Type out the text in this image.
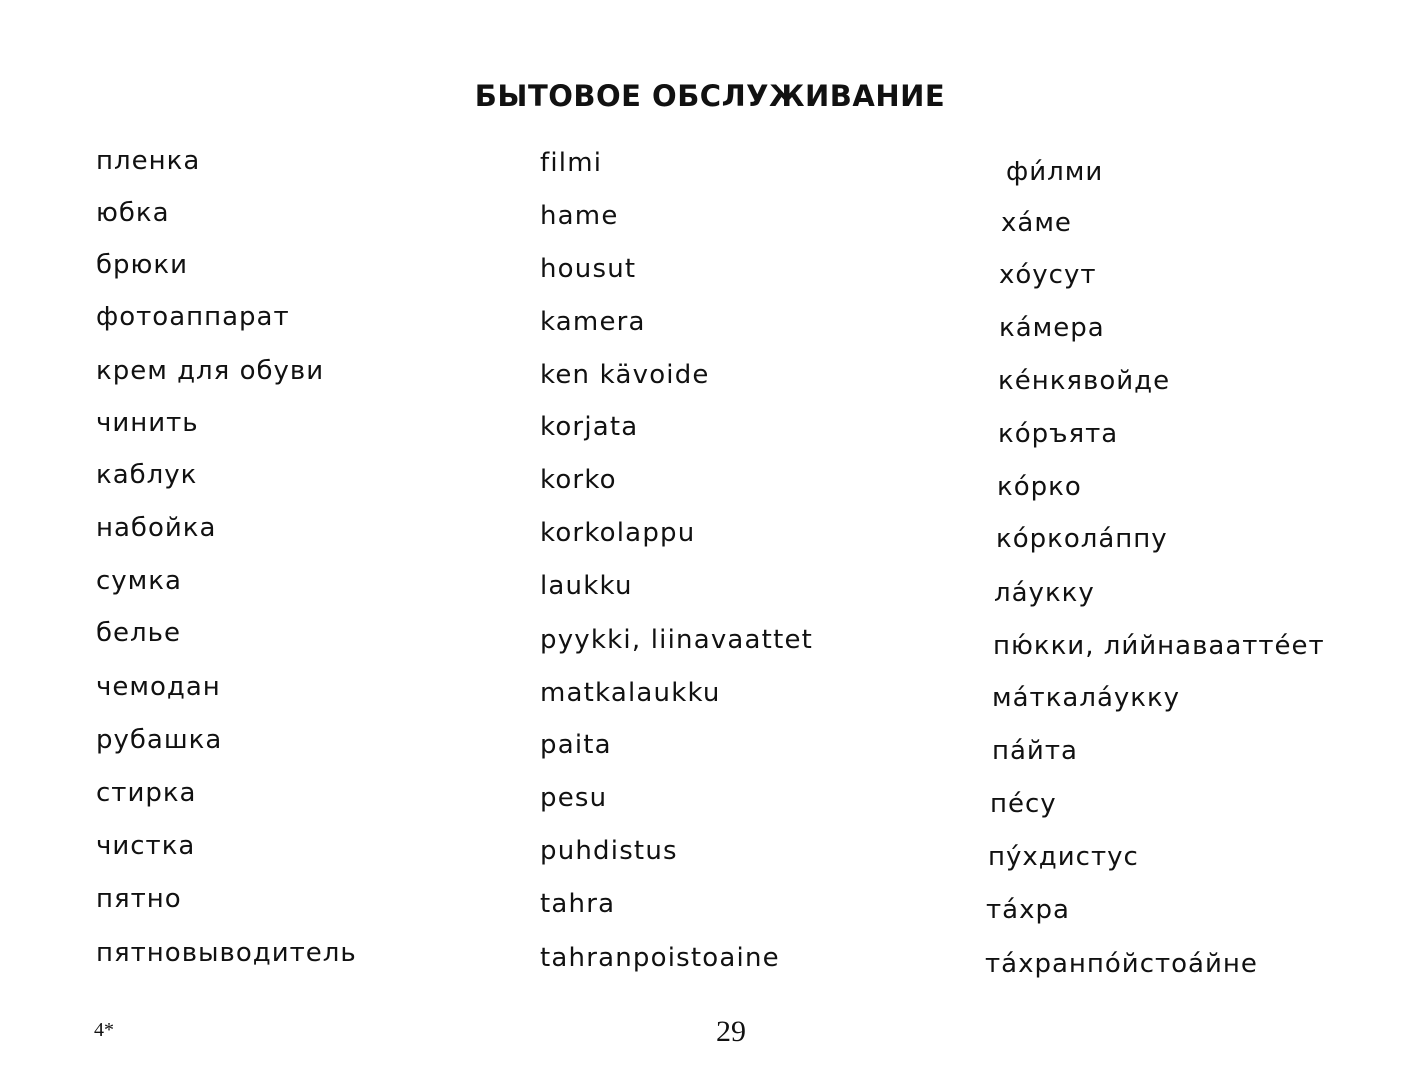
БЫТОВОЕ ОБСЛУЖИВАНИЕ
пленка
юбка
брюки
фотоаппарат
крем для обуви
чинить
каблук
набойка
сумка
белье
чемодан
рубашка
стирка
чистка
пятно
пятновыводитель
filmi
hame
housut
kamera
ken kävoide
korjata
korko
korkolappu
laukku
pyykki, liinavaattet
matkalaukku
paita
pesu
puhdistus
tahra
tahranpoistoaine
фи́лми
ха́ме
хо́усут
ка́мера
ке́нкявойде
ко́ръята
ко́рко
ко́ркола́ппу
ла́укку
пю́кки, ли́йнаваатте́ет
ма́ткала́укку
па́йта
пе́су
пу́хдистус
та́хра
та́хранпо́йстоа́йне
4*	29
